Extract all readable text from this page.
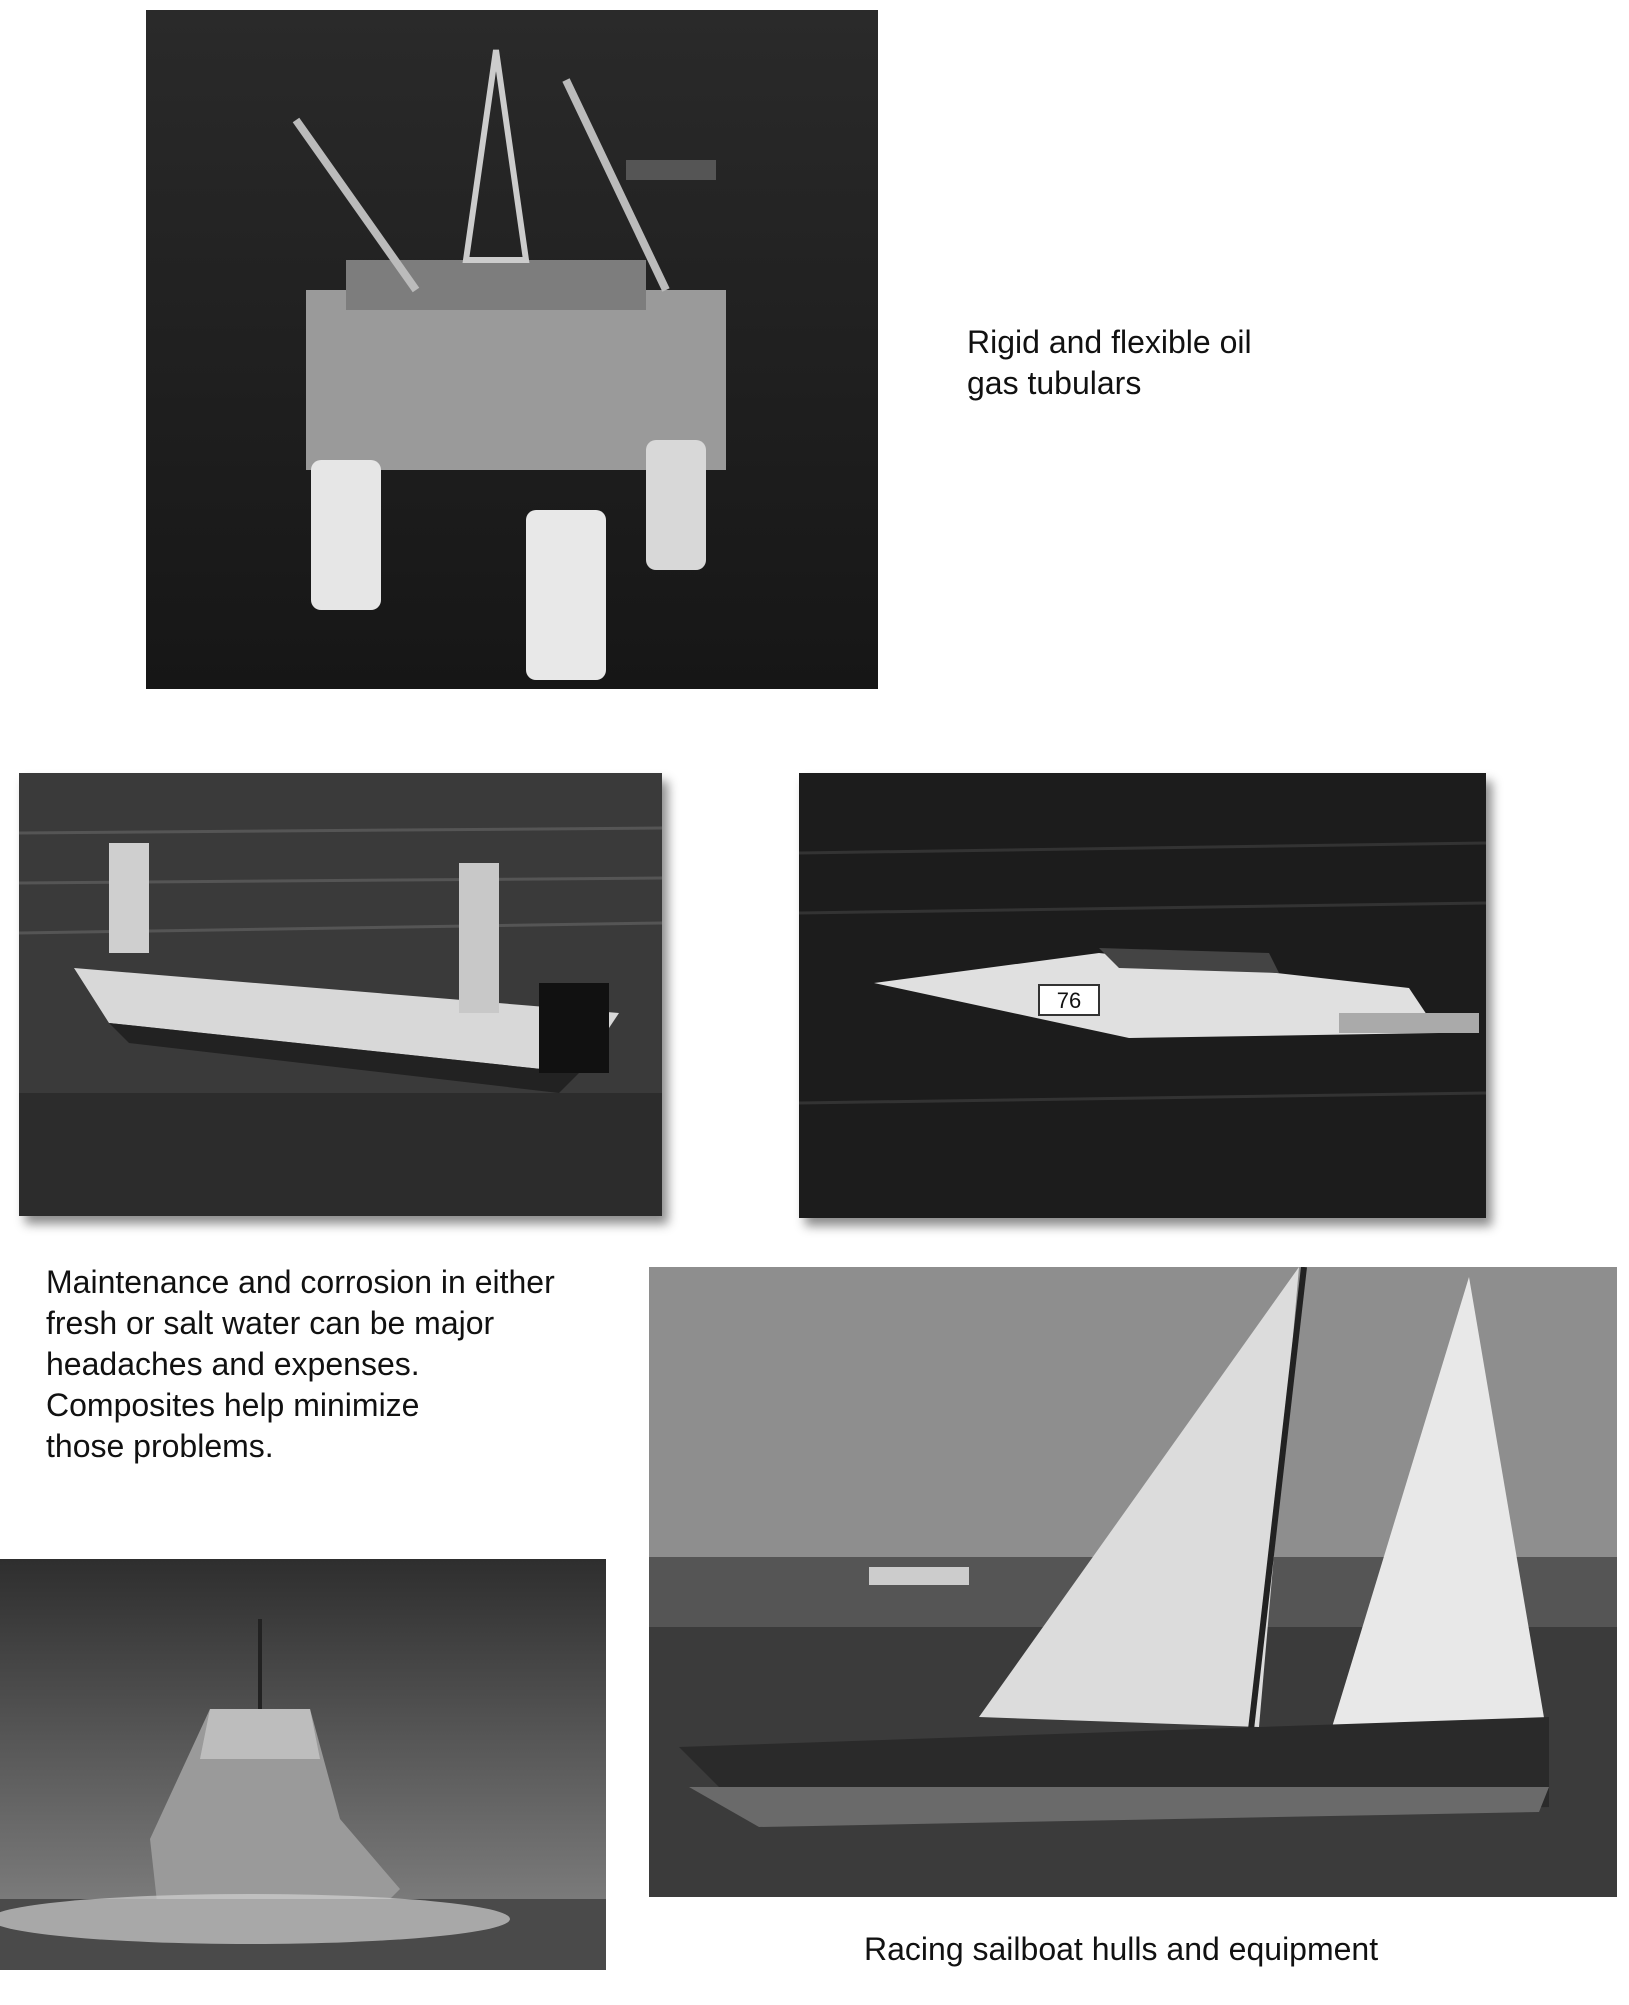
Rigid and flexible oil
gas tubulars
76
Maintenance and corrosion in either
fresh or salt water can be major
headaches and expenses.
Composites help minimize
those problems.
Racing sailboat hulls and equipment
